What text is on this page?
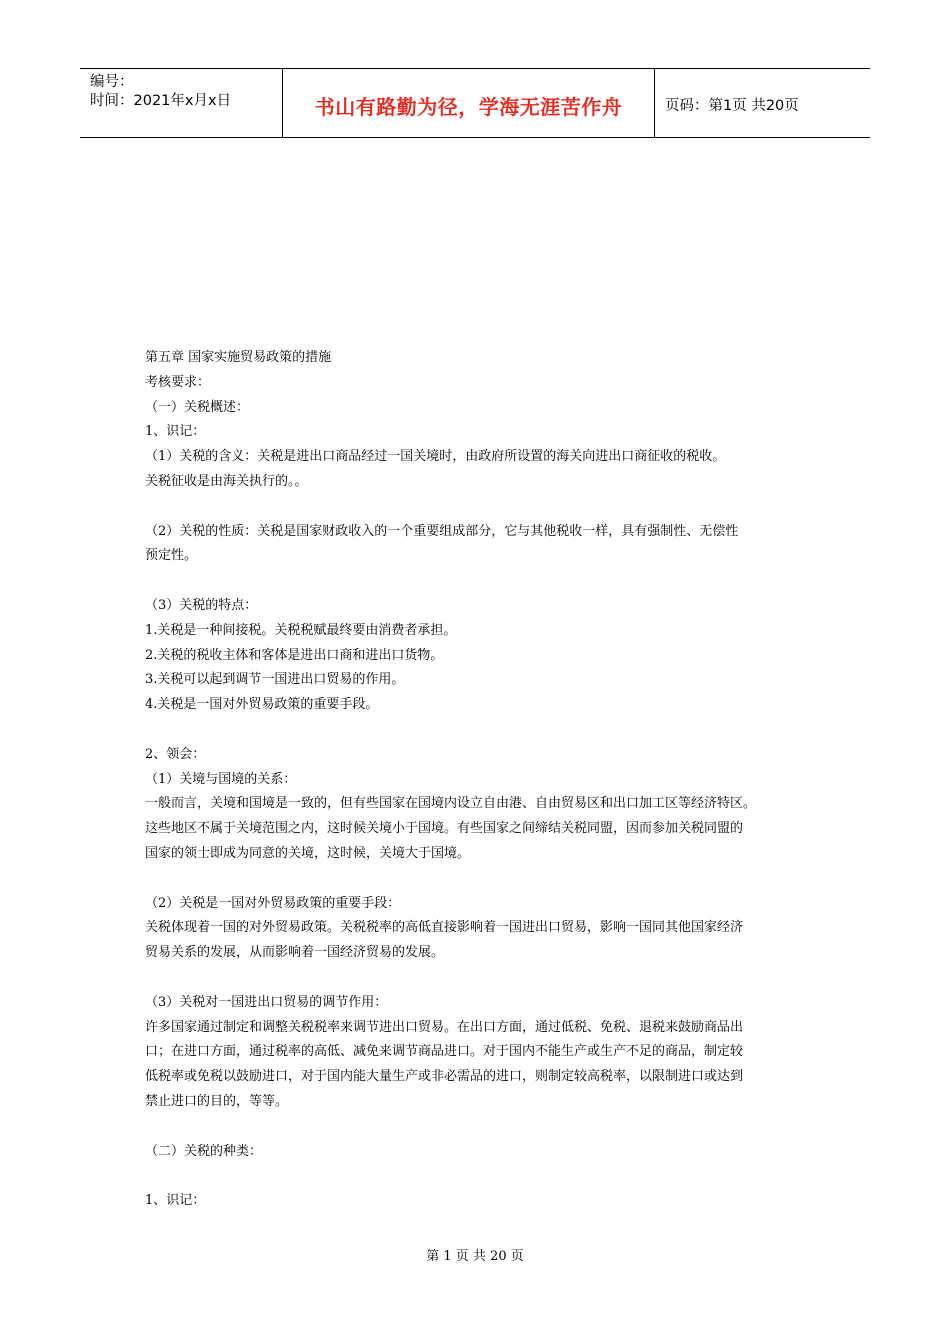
编号：
时间：2021年x月x日	书山有路勤为径，学海无涯苦作舟	页码：第1页 共20页
第五章 国家实施贸易政策的措施
考核要求：
（一）关税概述：
1、识记：
（1）关税的含义：关税是进出口商品经过一国关境时，由政府所设置的海关向进出口商征收的税收。
关税征收是由海关执行的。。
（2）关税的性质：关税是国家财政收入的一个重要组成部分，它与其他税收一样，具有强制性、无偿性
预定性。
（3）关税的特点：
1.关税是一种间接税。关税税赋最终要由消费者承担。
2.关税的税收主体和客体是进出口商和进出口货物。
3.关税可以起到调节一国进出口贸易的作用。
4.关税是一国对外贸易政策的重要手段。
2、领会：
（1）关境与国境的关系：
一般而言，关境和国境是一致的，但有些国家在国境内设立自由港、自由贸易区和出口加工区等经济特区。
这些地区不属于关境范围之内，这时候关境小于国境。有些国家之间缔结关税同盟，因而参加关税同盟的
国家的领士即成为同意的关境，这时候，关境大于国境。
（2）关税是一国对外贸易政策的重要手段：
关税体现着一国的对外贸易政策。关税税率的高低直接影响着一国进出口贸易，影响一国同其他国家经济
贸易关系的发展，从而影响着一国经济贸易的发展。
（3）关税对一国进出口贸易的调节作用：
许多国家通过制定和调整关税税率来调节进出口贸易。在出口方面，通过低税、免税、退税来鼓励商品出
口；在进口方面，通过税率的高低、减免来调节商品进口。对于国内不能生产或生产不足的商品，制定较
低税率或免税以鼓励进口，对于国内能大量生产或非必需品的进口，则制定较高税率，以限制进口或达到
禁止进口的目的，等等。
（二）关税的种类：
1、识记：
第 1 页 共 20 页
